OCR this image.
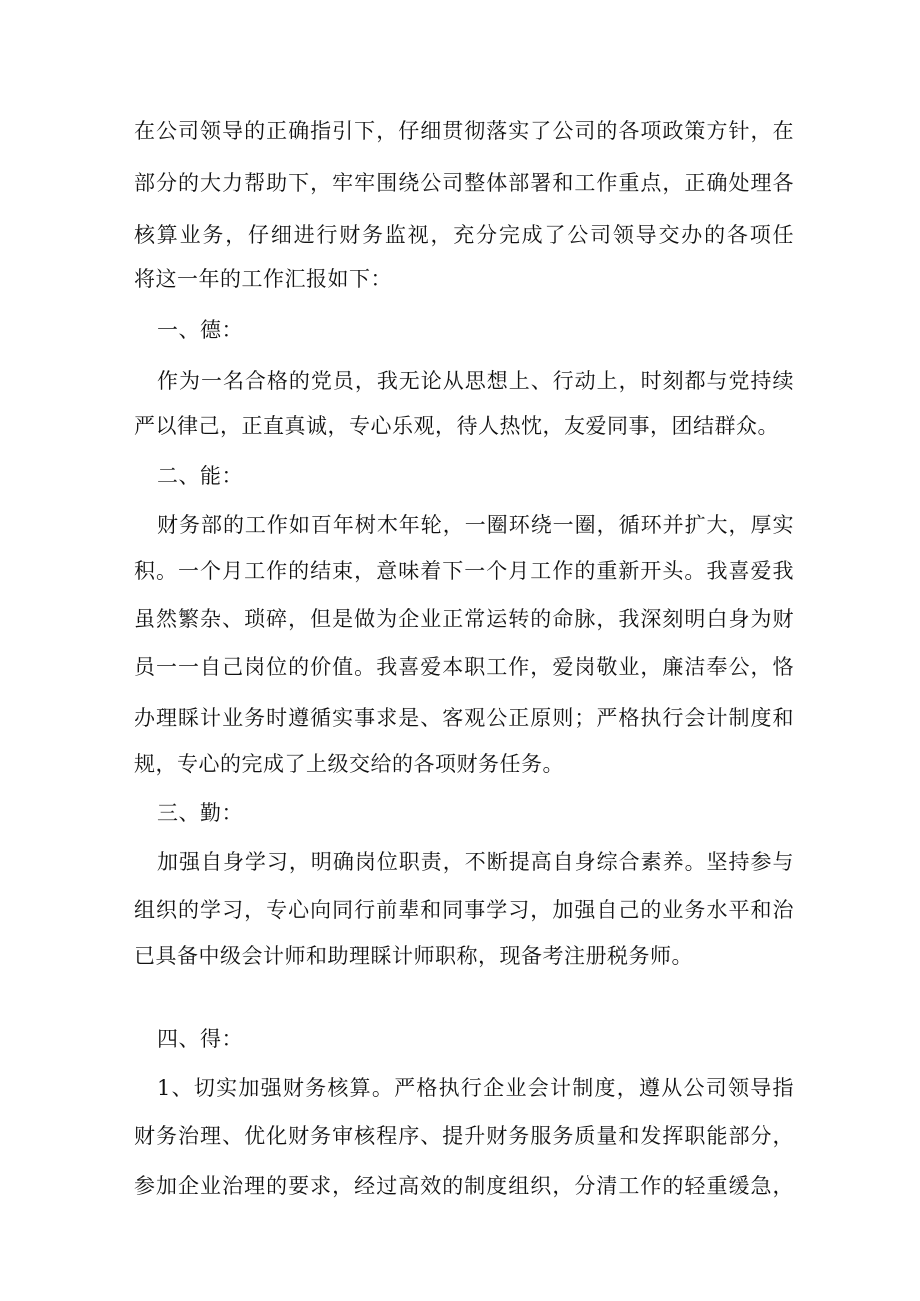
在公司领导的正确指引下，仔细贯彻落实了公司的各项政策方针，在
部分的大力帮助下，牢牢围绕公司整体部署和工作重点，正确处理各
核算业务，仔细进行财务监视，充分完成了公司领导交办的各项任
将这一年的工作汇报如下：
一、德：
作为一名合格的党员，我无论从思想上、行动上，时刻都与党持续
严以律己，正直真诚，专心乐观，待人热忱，友爱同事，团结群众。
二、能：
财务部的工作如百年树木年轮，一圈环绕一圈，循环并扩大，厚实
积。一个月工作的结束，意味着下一个月工作的重新开头。我喜爱我
虽然繁杂、琐碎，但是做为企业正常运转的命脉，我深刻明白身为财
员一一自己岗位的价值。我喜爱本职工作，爱岗敬业，廉洁奉公，恪
办理睬计业务时遵循实事求是、客观公正原则；严格执行会计制度和
规，专心的完成了上级交给的各项财务任务。
三、勤：
加强自身学习，明确岗位职责，不断提高自身综合素养。坚持参与
组织的学习，专心向同行前辈和同事学习，加强自己的业务水平和治
已具备中级会计师和助理睬计师职称，现备考注册税务师。
四、得：
1、切实加强财务核算。严格执行企业会计制度，遵从公司领导指
财务治理、优化财务审核程序、提升财务服务质量和发挥职能部分，
参加企业治理的要求，经过高效的制度组织，分清工作的轻重缓急，
